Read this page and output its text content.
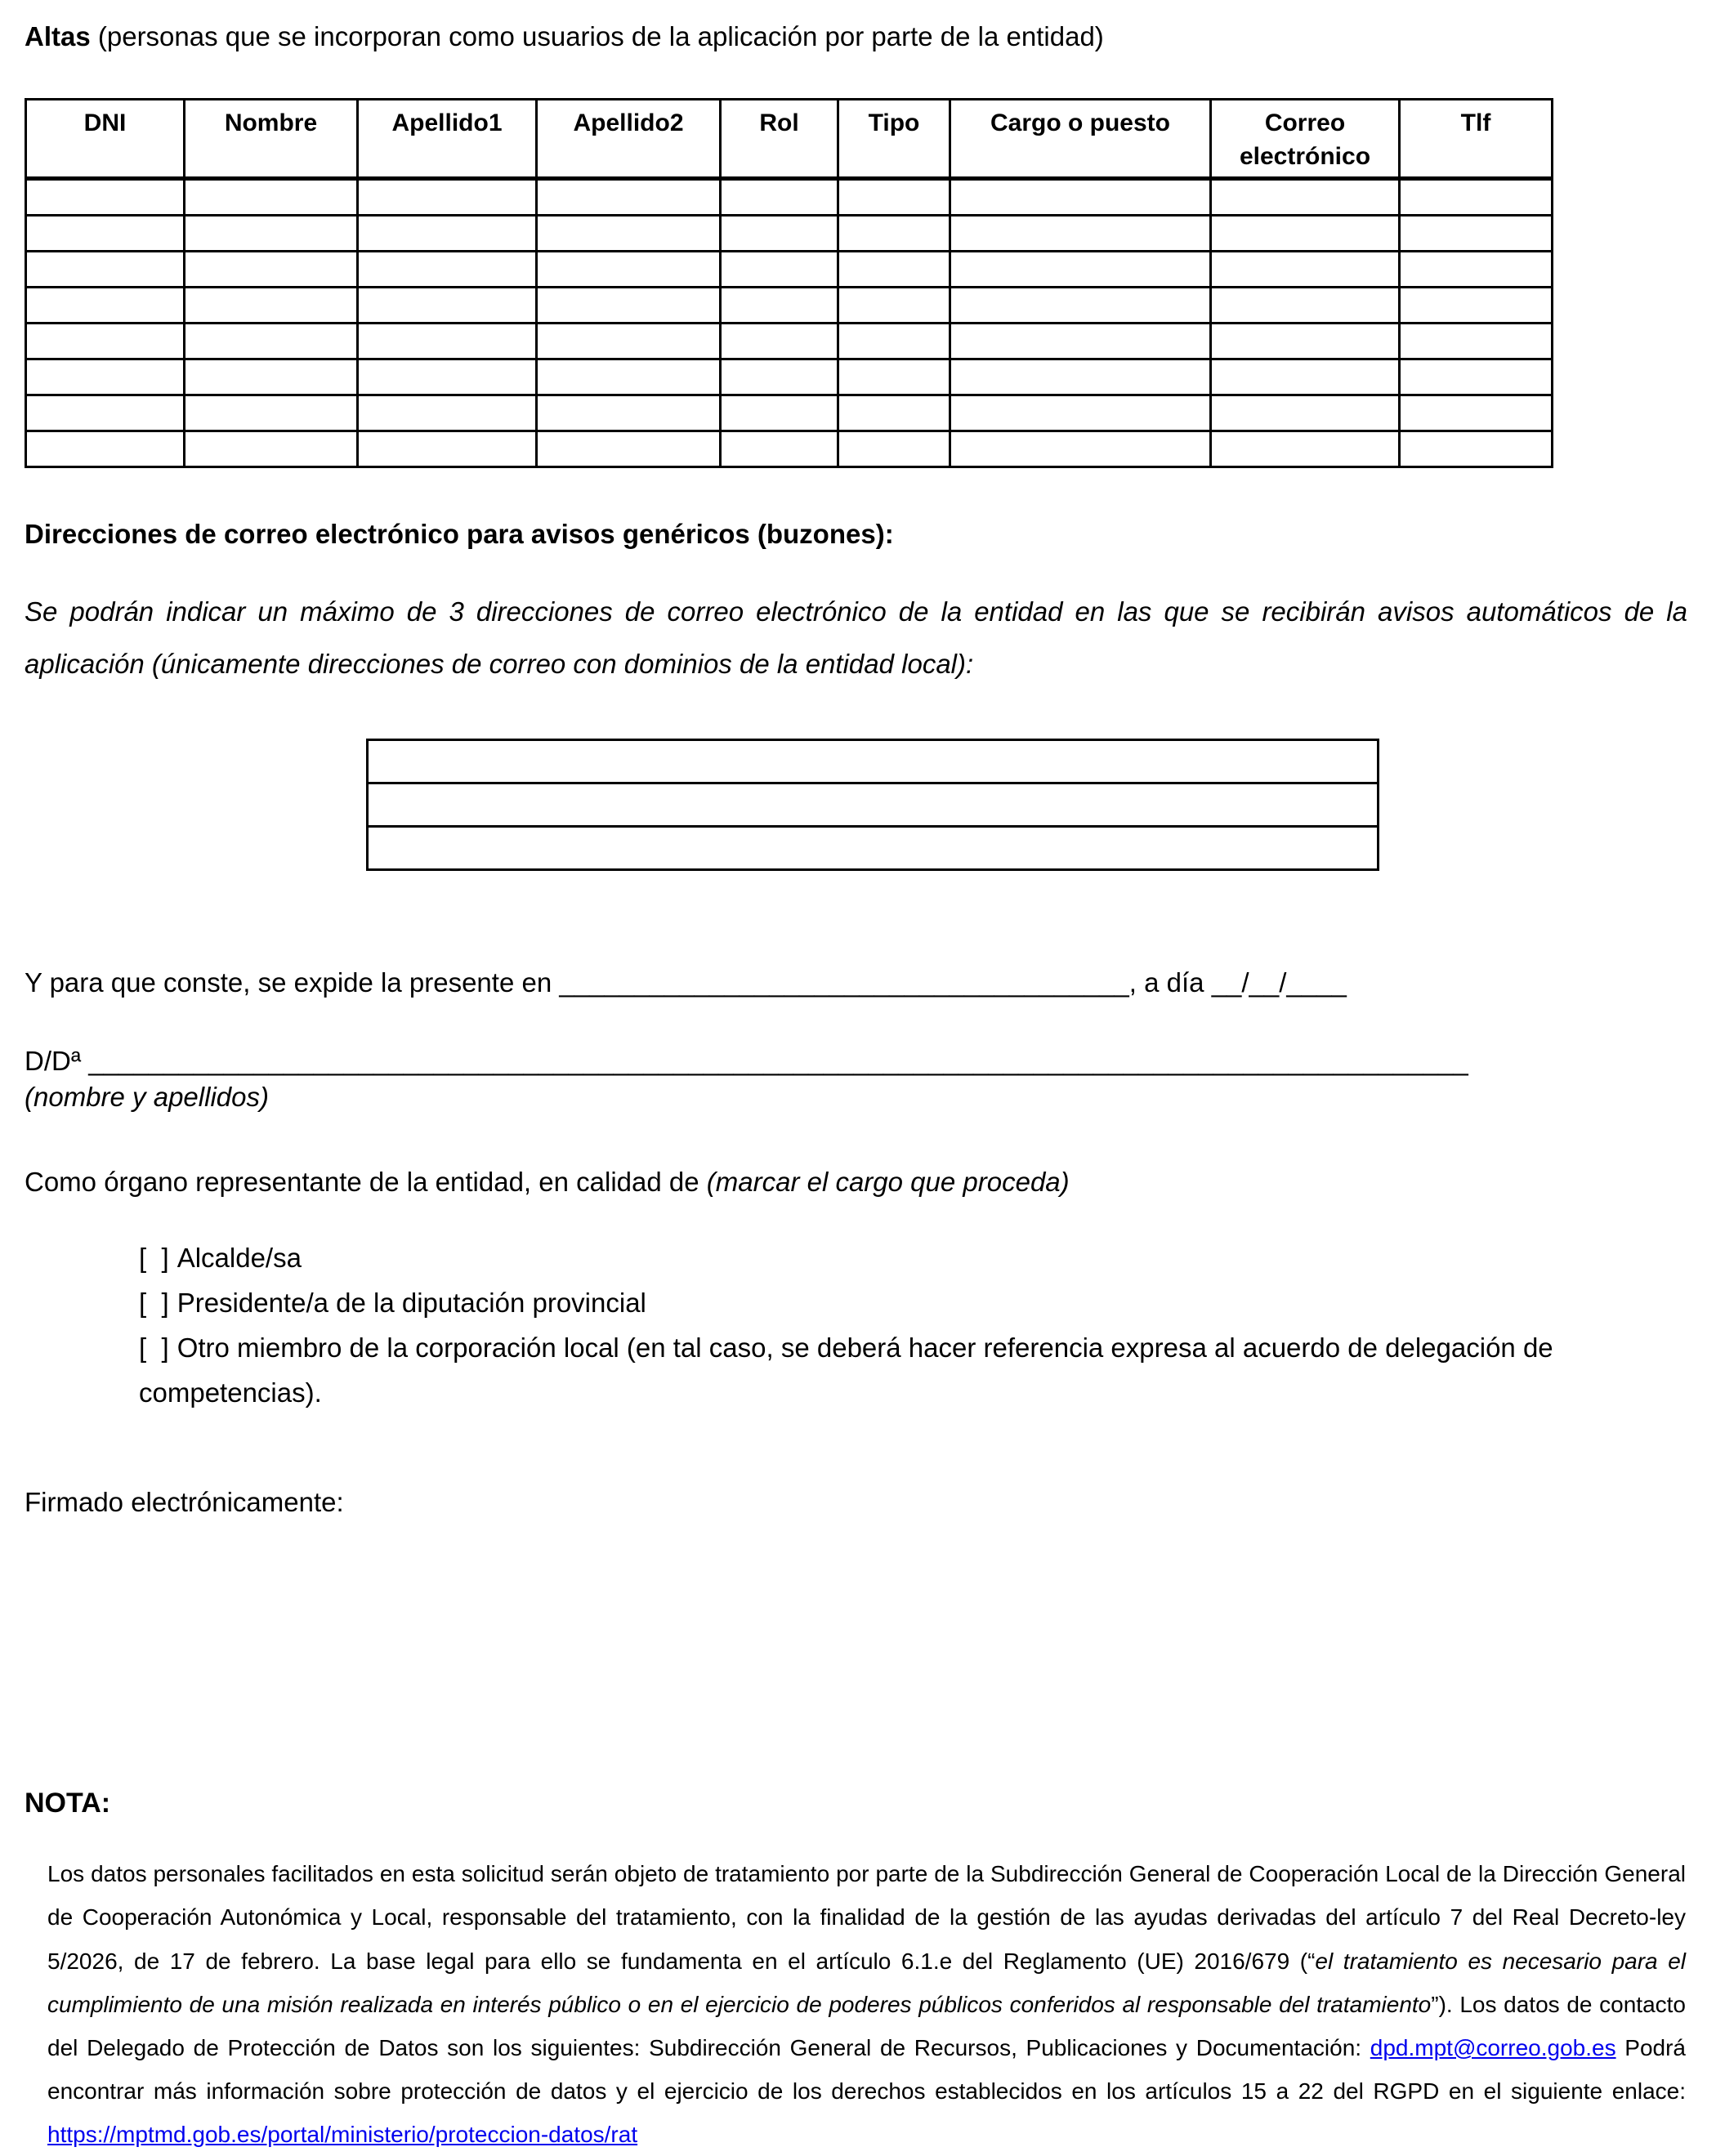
Altas (personas que se incorporan como usuarios de la aplicación por parte de la entidad)

DNI	Nombre	Apellido1	Apellido2	Rol	Tipo	Cargo o puesto	Correo electrónico	Tlf

Direcciones de correo electrónico para avisos genéricos (buzones):

Se podrán indicar un máximo de 3 direcciones de correo electrónico de la entidad en las que se recibirán avisos automáticos de la aplicación (únicamente direcciones de correo con dominios de la entidad local):

Y para que conste, se expide la presente en ______________________________________, a día __/__/____

D/Dª ____________________________________________________________________________________________

(nombre y apellidos)

Como órgano representante de la entidad, en calidad de (marcar el cargo que proceda)

[  ] Alcalde/sa

[  ] Presidente/a de la diputación provincial

[  ] Otro miembro de la corporación local (en tal caso, se deberá hacer referencia expresa al acuerdo de delegación de competencias).

Firmado electrónicamente:

NOTA:

Los datos personales facilitados en esta solicitud serán objeto de tratamiento por parte de la Subdirección General de Cooperación Local de la Dirección General de Cooperación Autonómica y Local, responsable del tratamiento, con la finalidad de la gestión de las ayudas derivadas del artículo 7 del Real Decreto-ley 5/2026, de 17 de febrero. La base legal para ello se fundamenta en el artículo 6.1.e del Reglamento (UE) 2016/679 (“el tratamiento es necesario para el cumplimiento de una misión realizada en interés público o en el ejercicio de poderes públicos conferidos al responsable del tratamiento”). Los datos de contacto del Delegado de Protección de Datos son los siguientes: Subdirección General de Recursos, Publicaciones y Documentación: dpd.mpt@correo.gob.es Podrá encontrar más información sobre protección de datos y el ejercicio de los derechos establecidos en los artículos 15 a 22 del RGPD en el siguiente enlace: https://mptmd.gob.es/portal/ministerio/proteccion-datos/rat
